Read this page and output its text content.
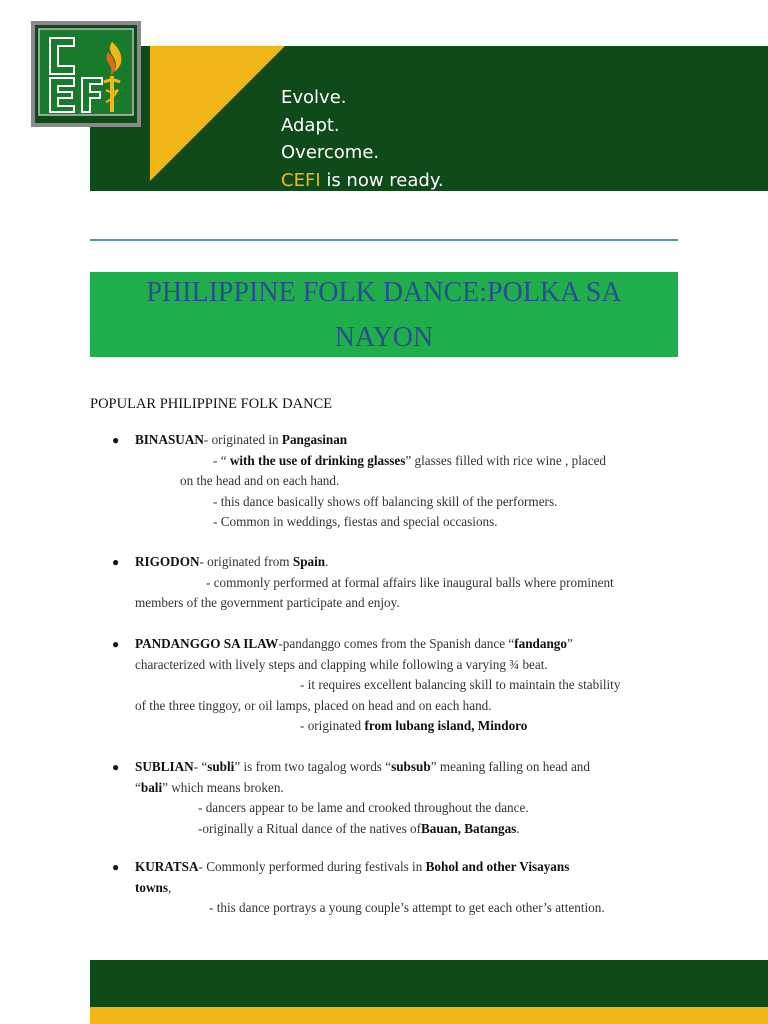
Evolve.
Adapt.
Overcome.
CEFI is now ready.
PHILIPPINE FOLK DANCE:POLKA SA NAYON
POPULAR PHILIPPINE FOLK DANCE
●	BINASUAN- originated in Pangasinan

- “ with the use of drinking glasses” glasses filled with rice wine , placed

on the head and on each hand.

- this dance basically shows off balancing skill of the performers.

- Common in weddings, fiestas and special occasions.

●	RIGODON- originated from Spain.

- commonly performed at formal affairs like inaugural balls where prominent

members of the government participate and enjoy.

●	PANDANGGO SA ILAW-pandanggo comes from the Spanish dance “fandango”

characterized with lively steps and clapping while following a varying ¾ beat.

- it requires excellent balancing skill to maintain the stability

of the three tinggoy, or oil lamps, placed on head and on each hand.

- originated from lubang island, Mindoro

●	SUBLIAN- “subli” is from two tagalog words “subsub” meaning falling on head and

“bali” which means broken.

- dancers appear to be lame and crooked throughout the dance.

-originally a Ritual dance of the natives ofBauan, Batangas.

●	KURATSA- Commonly performed during festivals in Bohol and other Visayans

towns,

- this dance portrays a young couple’s attempt to get each other’s attention.
